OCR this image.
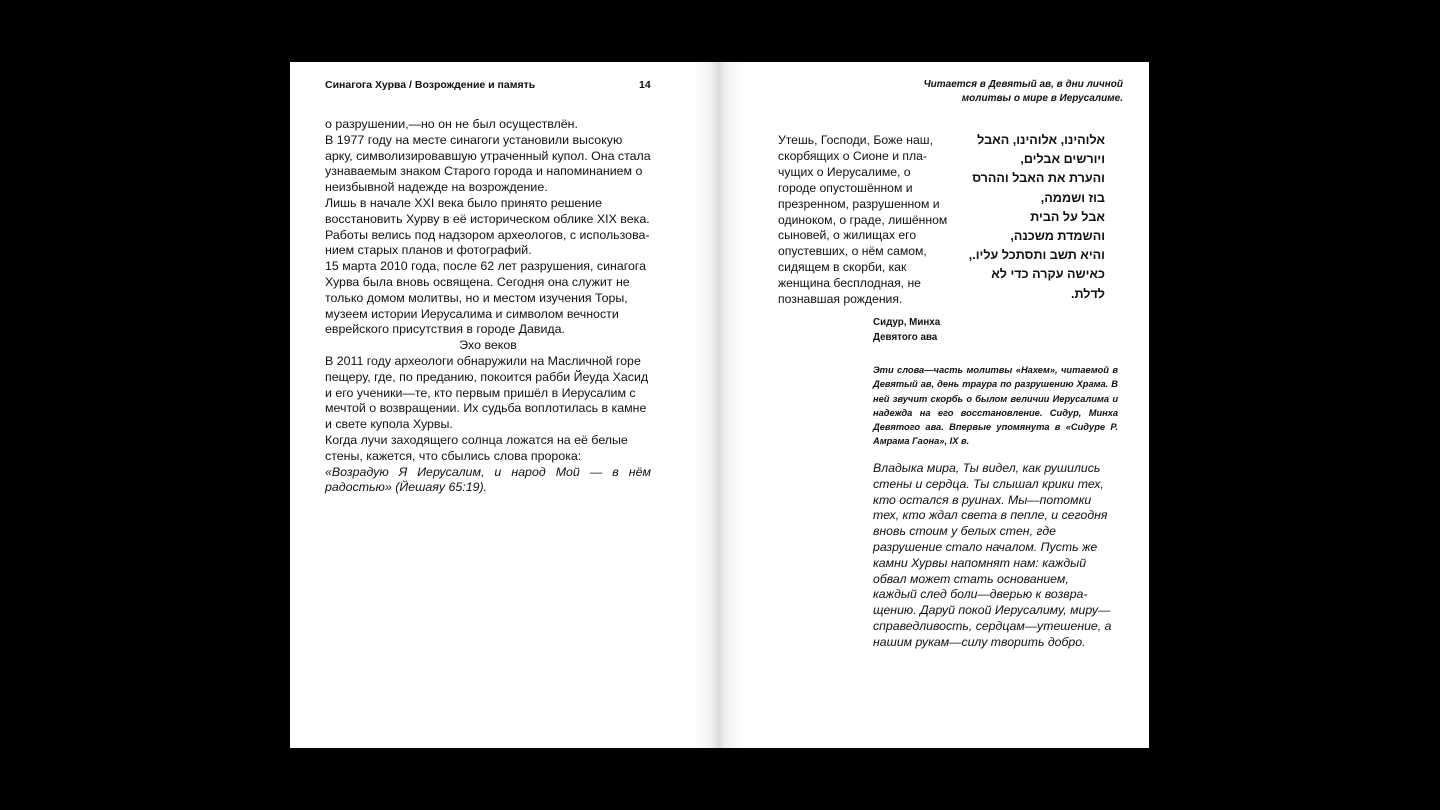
Синагога Хурва / Возрождение и память	14

о разрушении,—но он не был осуществлён.

В 1977 году на месте синагоги установили высокую арку, символизировавшую утраченный купол. Она стала узнаваемым знаком Старого города и напоминанием о неизбывной надежде на возрождение.

Лишь в начале XXI века было принято решение восстановить Хурву в её историческом облике XIX века.

Работы велись под надзором археологов, с использованием старых планов и фотографий.

15 марта 2010 года, после 62 лет разрушения, синагога Хурва была вновь освящена. Сегодня она служит не только домом молитвы, но и местом изучения Торы, музеем истории Иерусалима и символом вечности еврейского присутствия в городе Давида.

Эхо веков

В 2011 году археологи обнаружили на Масличной горе пещеру, где, по преданию, покоится рабби Йеуда Хасид и его ученики—те, кто первым пришёл в Иерусалим с мечтой о возвращении. Их судьба воплотилась в камне и свете купола Хурвы.

Когда лучи заходящего солнца ложатся на её белые стены, кажется, что сбылись слова пророка:

«Возрадую Я Иерусалим, и народ Мой — в нём радостью» (Йешаяу 65:19).

Читается в Девятый ав, в дни личной молитвы о мире в Иерусалиме.

Утешь, Господи, Боже наш, скорбящих о Сионе и плачущих о Иерусалиме, о городе опустошённом и презренном, разрушенном и одиноком, о граде, лишённом сыновей, о жилищах его опустевших, о нём самом, сидящем в скорби, как женщина бесплодная, не познавшая рождения.

אלוהינו, אלוהינו, האבל
ויורשים אבלים,
והערת את האבל וההרס
בוז ושממה,
אבל על הבית
והשמדת משכנה,
והיא תשב ותסתכל עליו.,
כאישה עקרה כדי לא לדלת.
Сидур, Минха
Девятого ава

Эти слова—часть молитвы «Нахем», читаемой в Девятый ав, день траура по разрушению Храма. В ней звучит скорбь о былом величии Иерусалима и надежда на его восстановление. Сидур, Минха Девятого ава. Впервые упомянута в «Сидуре Р. Амрама Гаона», IX в.

Владыка мира, Ты видел, как рушились стены и сердца. Ты слышал крики тех, кто остался в руинах. Мы—потомки тех, кто ждал света в пепле, и сегодня вновь стоим у белых стен, где разрушение стало началом. Пусть же камни Хурвы напомнят нам: каждый обвал может стать основанием, каждый след боли—дверью к возвращению. Даруй покой Иерусалиму, миру—справедливость, сердцам—утешение, а нашим рукам—силу творить добро.
